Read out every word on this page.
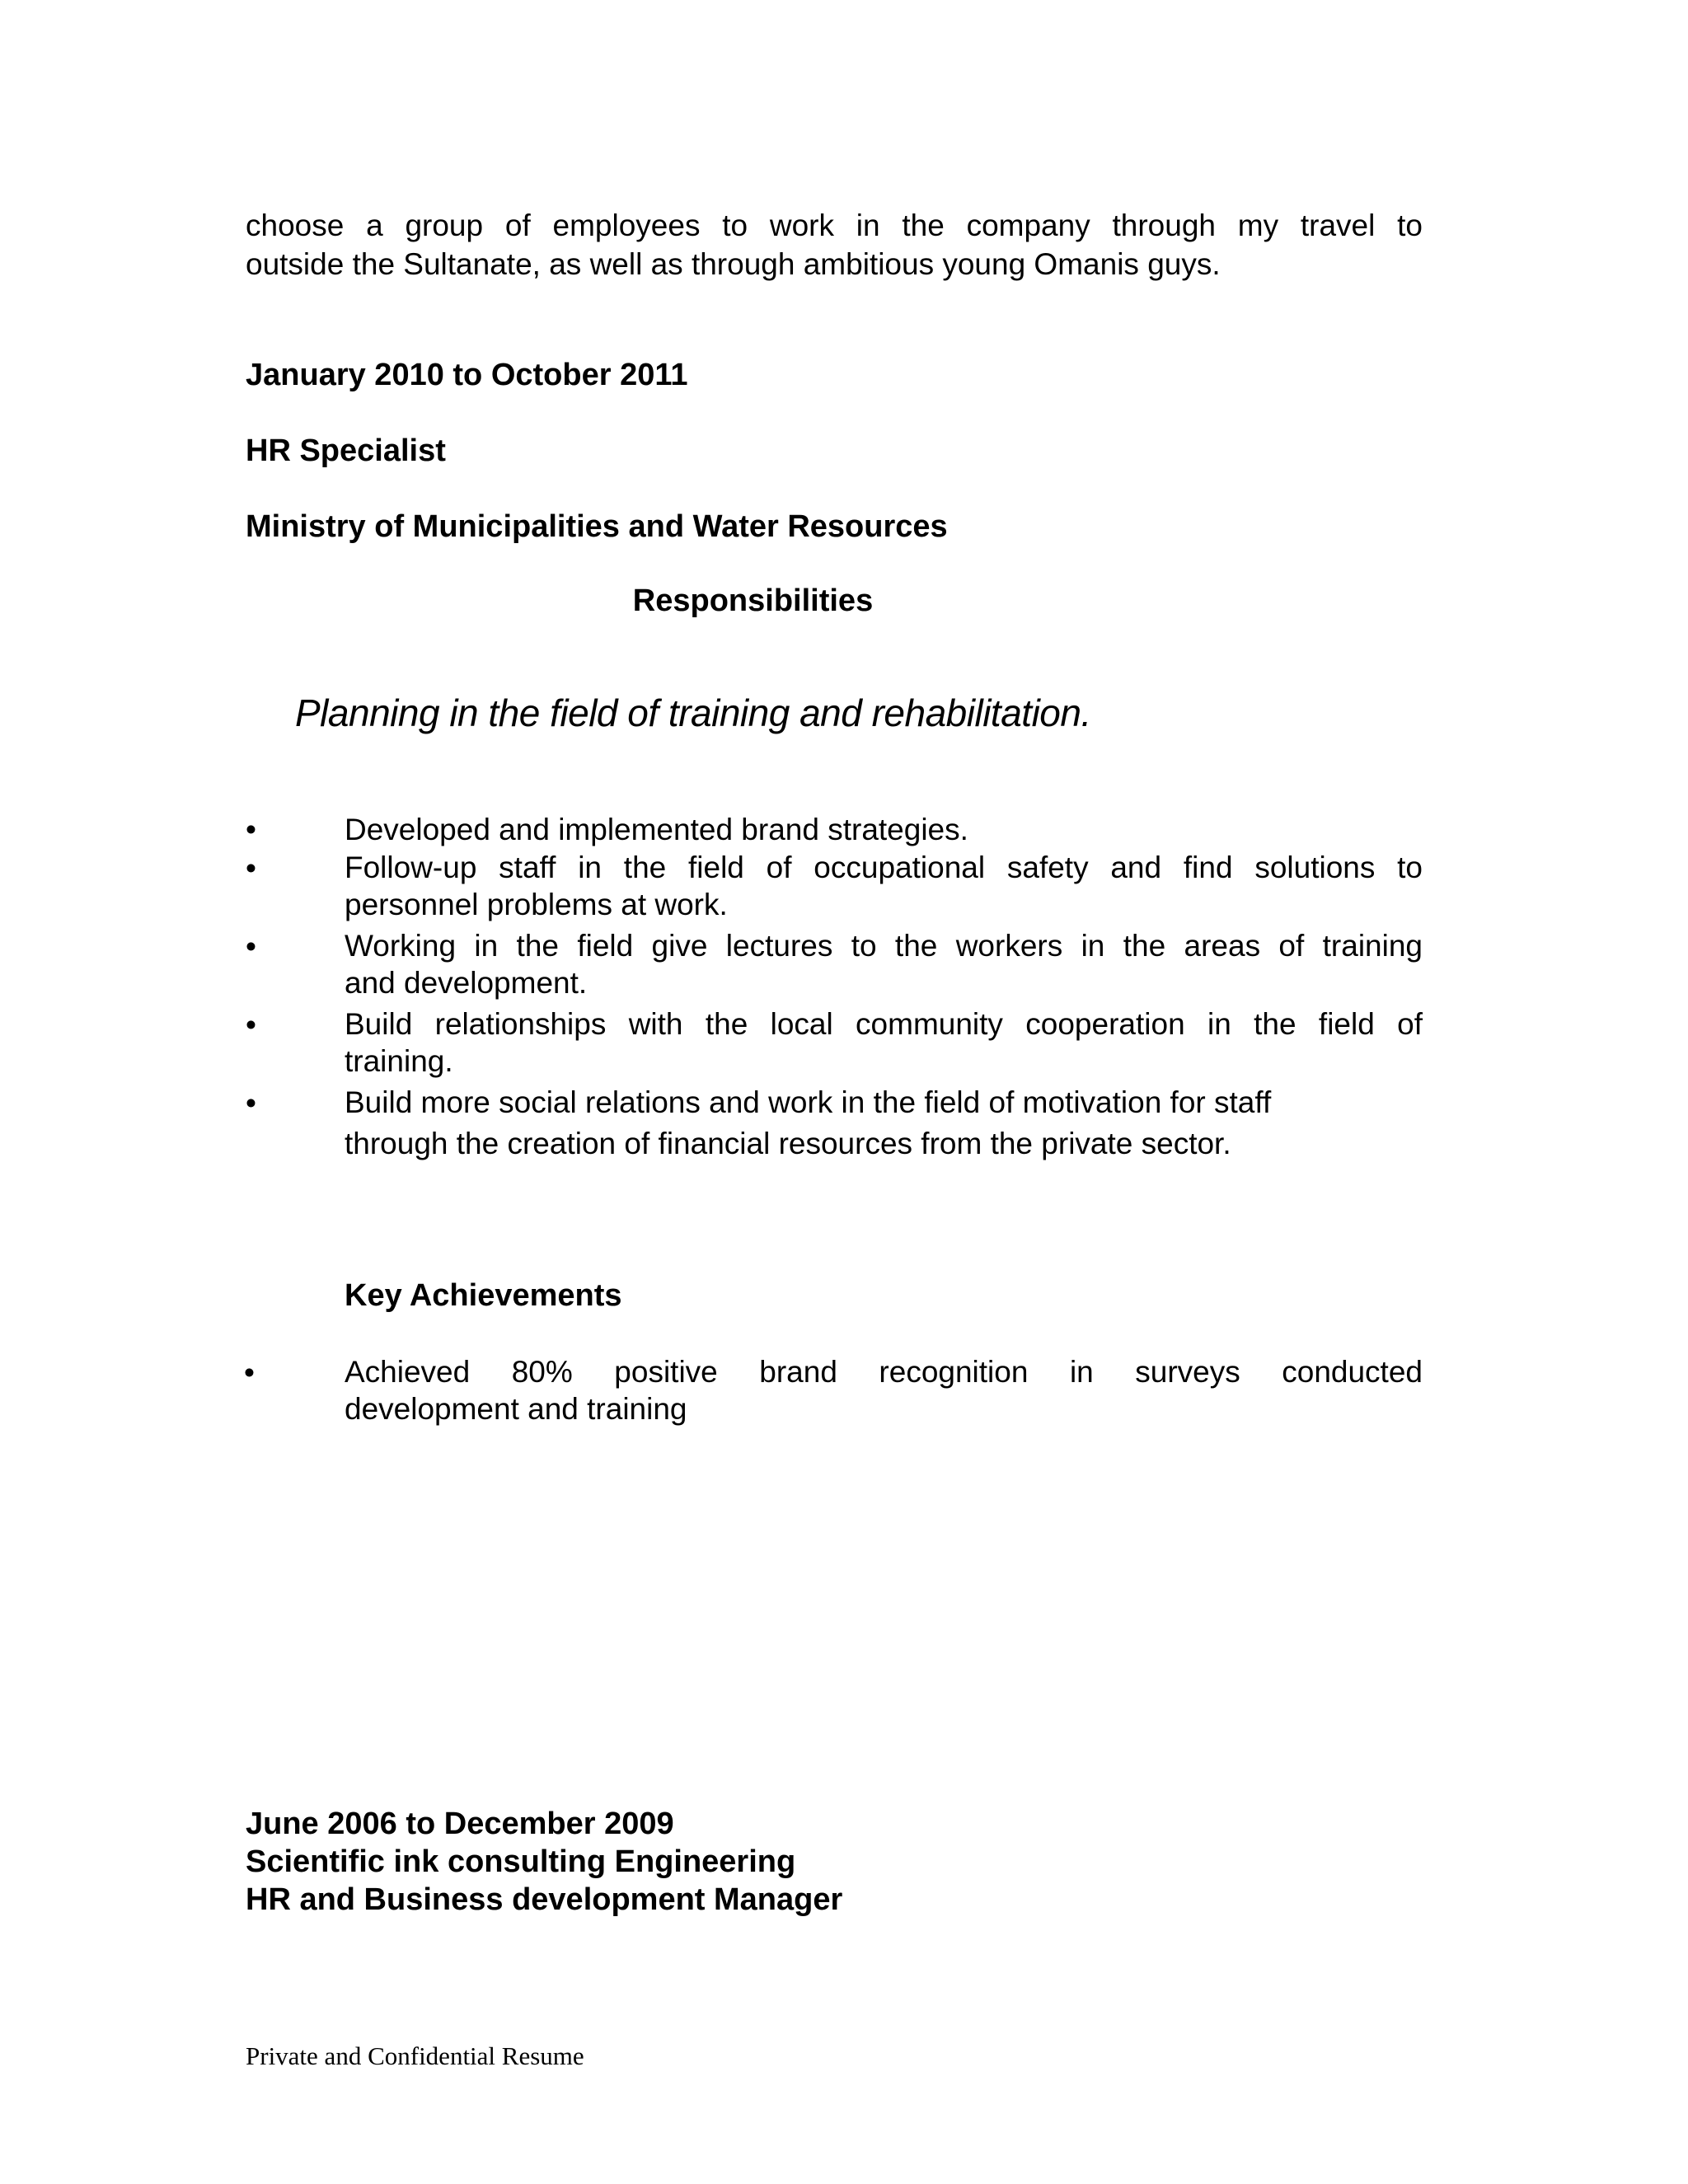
choose a group of employees to work in the company through my travel to
outside the Sultanate, as well as through ambitious young Omanis guys.
January 2010 to October 2011
HR Specialist
Ministry of Municipalities and Water Resources
Responsibilities
Planning in the field of training and rehabilitation.
•	Developed and implemented brand strategies.
•	Follow-up staff in the field of occupational safety and find solutions to
personnel problems at work.
•	Working in the field give lectures to the workers in the areas of training
and development.
•	Build relationships with the local community cooperation in the field of
training.
•	Build more social relations and work in the field of motivation for staff
through the creation of financial resources from the private sector.
Key Achievements
•	Achieved 80% positive brand recognition in surveys conducted
development and training
June 2006 to December 2009
Scientific ink consulting Engineering
HR and Business development Manager
Private and Confidential Resume
